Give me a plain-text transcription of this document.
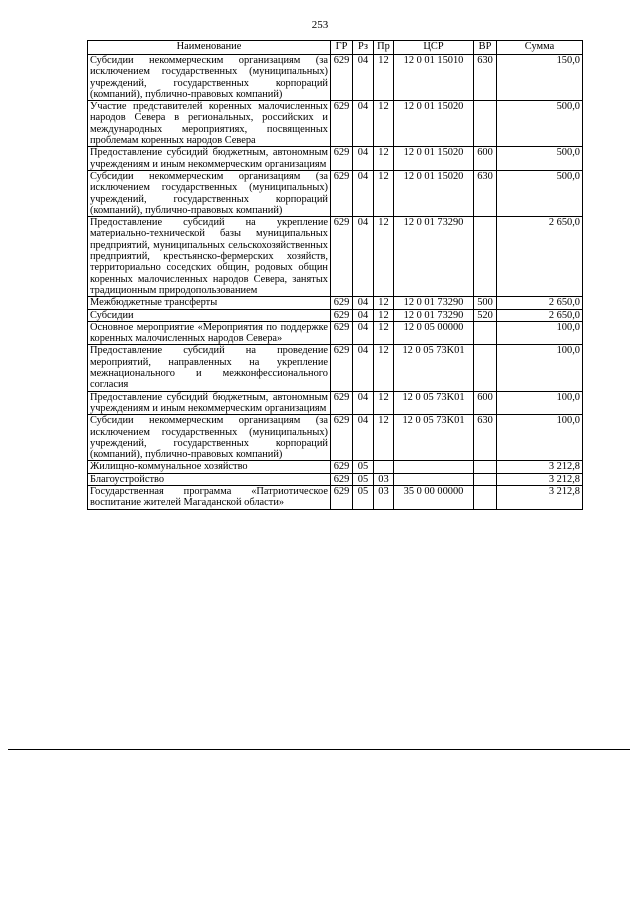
253
Наименование	ГР	Рз	Пр	ЦСР	ВР	Сумма
Субсидии некоммерческим организациям (за исключением государственных (муниципальных) учреждений, государственных корпораций (компаний), публично-правовых компаний)	629	04	12	12 0 01 15010	630	150,0
Участие представителей коренных малочисленных народов Севера в региональных, российских и международных мероприятиях, посвященных проблемам коренных народов Севера	629	04	12	12 0 01 15020		500,0
Предоставление субсидий бюджетным, автономным учреждениям и иным некоммерческим организациям	629	04	12	12 0 01 15020	600	500,0
Субсидии некоммерческим организациям (за исключением государственных (муниципальных) учреждений, государственных корпораций (компаний), публично-правовых компаний)	629	04	12	12 0 01 15020	630	500,0
Предоставление субсидий на укрепление материально-технической базы муниципальных предприятий, муниципальных сельскохозяйственных предприятий, крестьянско-фермерских хозяйств, территориально соседских общин, родовых общин коренных малочисленных народов Севера, занятых традиционным природопользованием	629	04	12	12 0 01 73290		2 650,0
Межбюджетные трансферты	629	04	12	12 0 01 73290	500	2 650,0
Субсидии	629	04	12	12 0 01 73290	520	2 650,0
Основное мероприятие «Мероприятия по поддержке коренных малочисленных народов Севера»	629	04	12	12 0 05 00000		100,0
Предоставление субсидий на проведение мероприятий, направленных на укрепление межнационального и межконфессионального согласия	629	04	12	12 0 05 73K01		100,0
Предоставление субсидий бюджетным, автономным учреждениям и иным некоммерческим организациям	629	04	12	12 0 05 73K01	600	100,0
Субсидии некоммерческим организациям (за исключением государственных (муниципальных) учреждений, государственных корпораций (компаний), публично-правовых компаний)	629	04	12	12 0 05 73K01	630	100,0
Жилищно-коммунальное хозяйство	629	05				3 212,8
Благоустройство	629	05	03			3 212,8
Государственная программа «Патриотическое воспитание жителей Магаданской области»	629	05	03	35 0 00 00000		3 212,8
